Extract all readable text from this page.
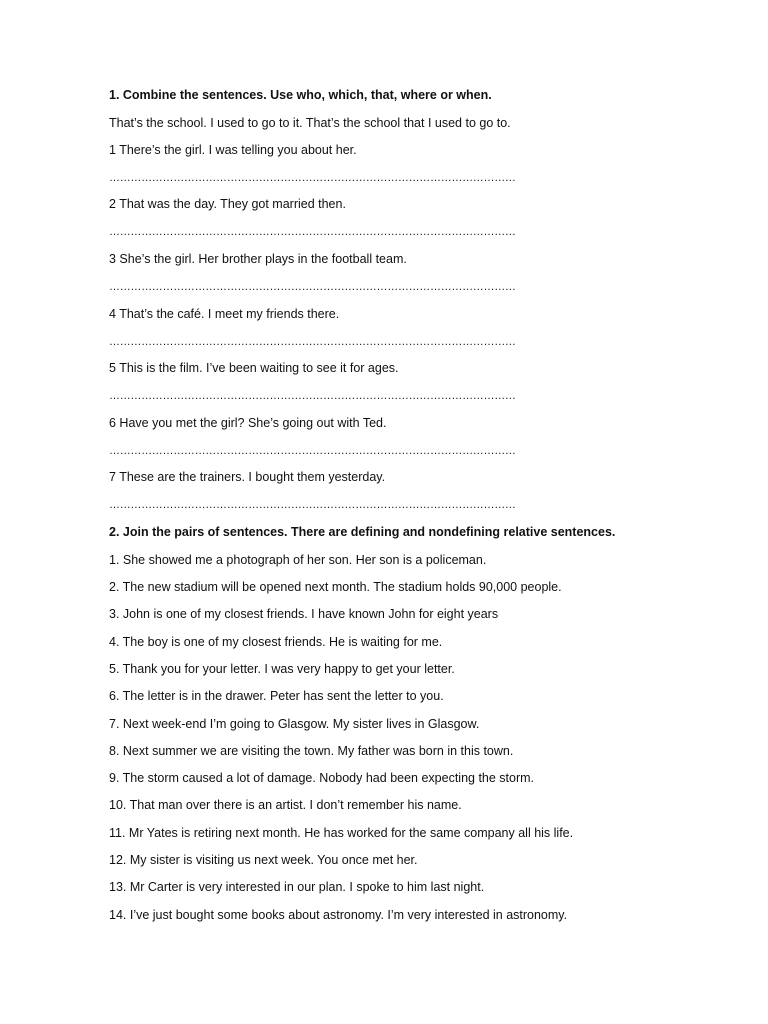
1. Combine the sentences. Use who, which, that, where or when.
That’s the school. I used to go to it. That’s the school that I used to go to.
1 There’s the girl. I was telling you about her.
……………………………………………………………………………………………………
2 That was the day. They got married then.
……………………………………………………………………………………………………
3 She’s the girl. Her brother plays in the football team.
……………………………………………………………………………………………………
4 That’s the café. I meet my friends there.
……………………………………………………………………………………………………
5 This is the film. I’ve been waiting to see it for ages.
……………………………………………………………………………………………………
6 Have you met the girl? She’s going out with Ted.
……………………………………………………………………………………………………
7 These are the trainers. I bought them yesterday.
……………………………………………………………………………………………………
2. Join the pairs of sentences. There are defining and nondefining relative sentences.
1. She showed me a photograph of her son. Her son is a policeman.
2. The new stadium will be opened next month. The stadium holds 90,000 people.
3. John is one of my closest friends. I have known John for eight years
4. The boy is one of my closest friends. He is waiting for me.
5. Thank you for your letter. I was very happy to get your letter.
6. The letter is in the drawer. Peter has sent the letter to you.
7. Next week-end I’m going to Glasgow. My sister lives in Glasgow.
8. Next summer we are visiting the town. My father was born in this town.
9. The storm caused a lot of damage. Nobody had been expecting the storm.
10. That man over there is an artist. I don’t remember his name.
11. Mr Yates is retiring next month. He has worked for the same company all his life.
12. My sister is visiting us next week. You once met her.
13. Mr Carter is very interested in our plan. I spoke to him last night.
14. I’ve just bought some books about astronomy. I’m very interested in astronomy.
